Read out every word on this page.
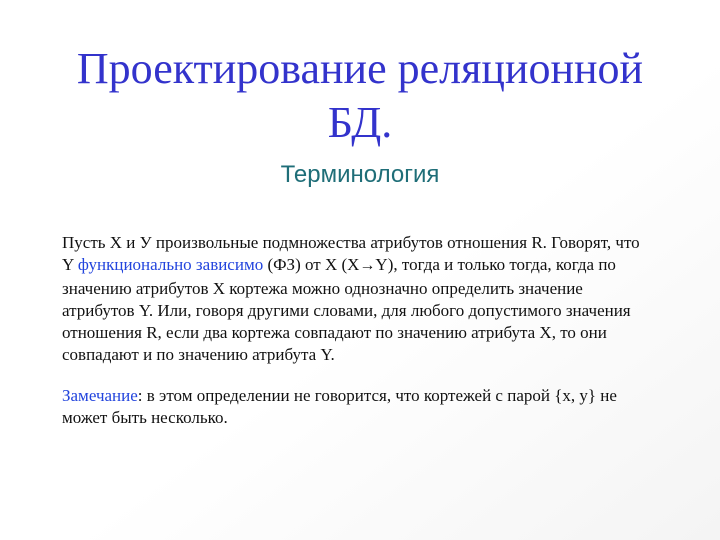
Проектирование реляционной
БД.
Терминология

Пусть X и У произвольные подмножества атрибутов отношения R. Говорят, что Y функционально зависимо (ФЗ) от X (X→Y), тогда и только тогда, когда по значению атрибутов X кортежа можно однозначно определить значение атрибутов Y. Или, говоря другими словами, для любого допустимого значения отношения R, если два кортежа совпадают по значению атрибута X, то они совпадают и по значению атрибута Y.

Замечание: в этом определении не говорится, что кортежей с парой {x, y} не может быть несколько.
